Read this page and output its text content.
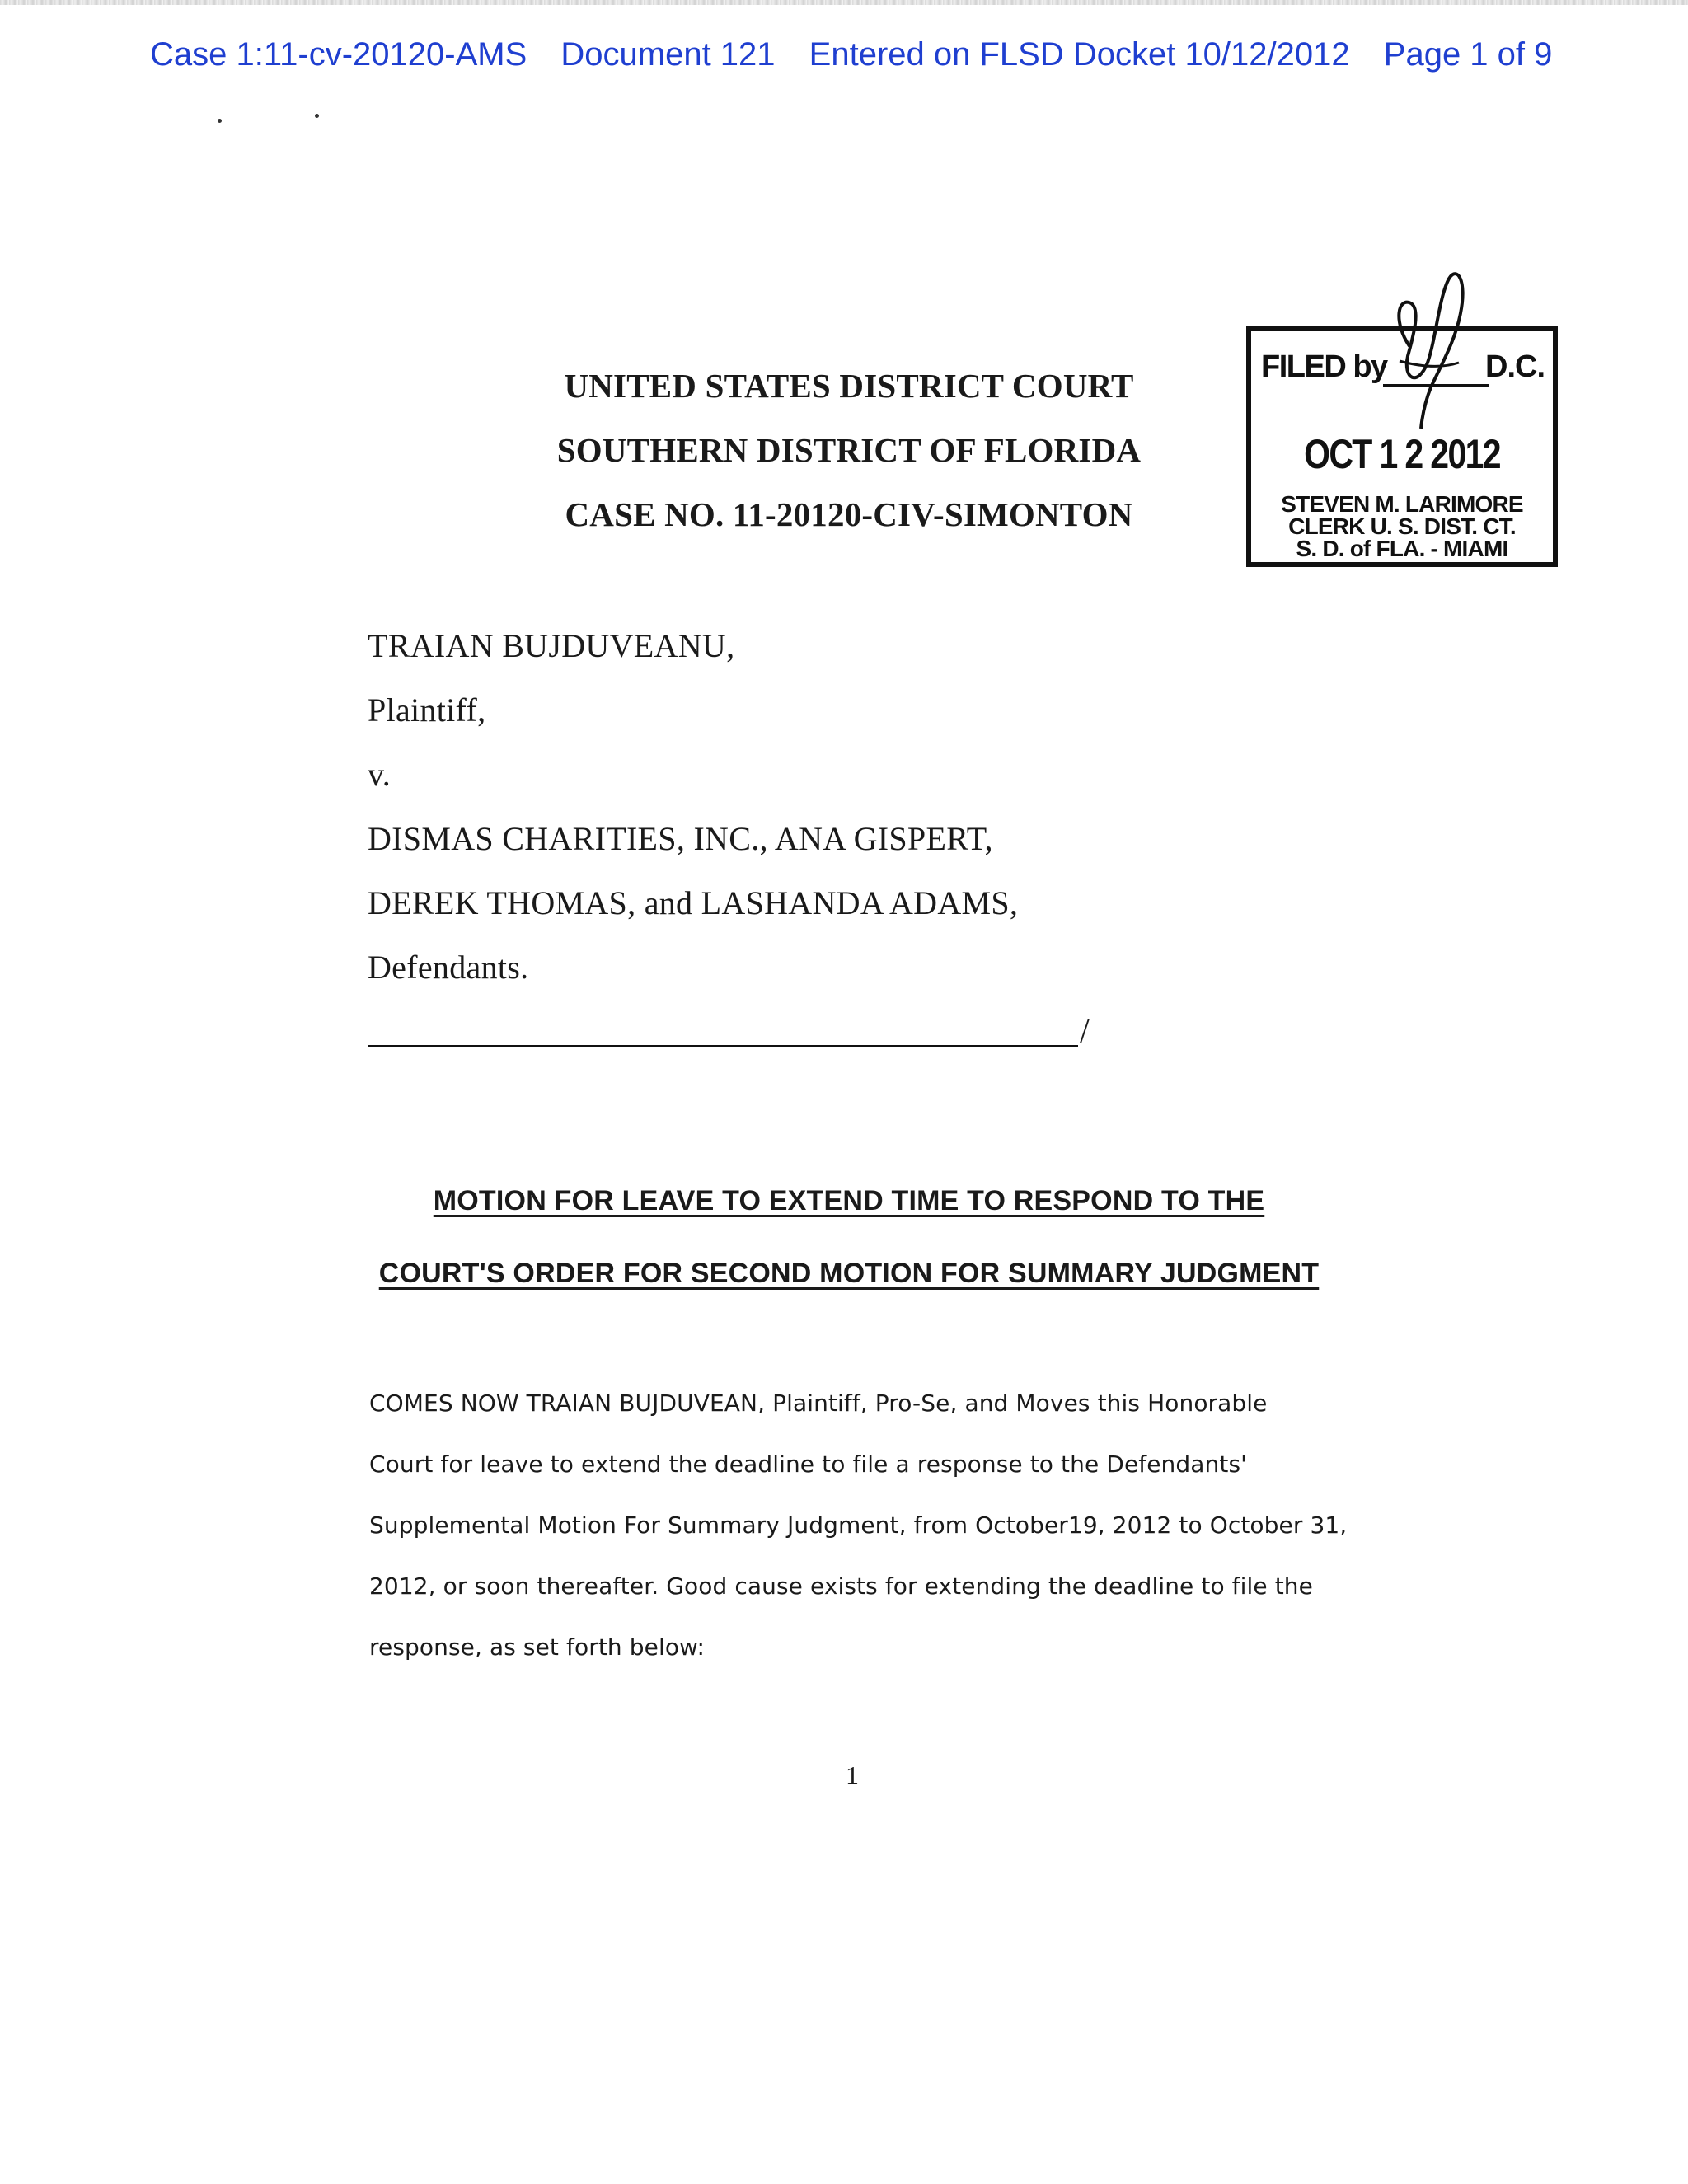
Case 1:11-cv-20120-AMS Document 121 Entered on FLSD Docket 10/12/2012 Page 1 of 9
UNITED STATES DISTRICT COURT
SOUTHERN DISTRICT OF FLORIDA
CASE NO. 11-20120-CIV-SIMONTON
FILED by	D.C.
OCT 1 2 2012
STEVEN M. LARIMORE
CLERK U. S. DIST. CT.
S. D. of FLA. - MIAMI
TRAIAN BUJDUVEANU,
Plaintiff,
v.
DISMAS CHARITIES, INC., ANA GISPERT,
DEREK THOMAS, and LASHANDA ADAMS,
Defendants.
/
MOTION FOR LEAVE TO EXTEND TIME TO RESPOND TO THE
COURT'S ORDER FOR SECOND MOTION FOR SUMMARY JUDGMENT
COMES NOW TRAIAN BUJDUVEAN, Plaintiff, Pro-Se, and Moves this Honorable
Court for leave to extend the deadline to file a response to the Defendants'
Supplemental Motion For Summary Judgment, from October19, 2012 to October 31,
2012, or soon thereafter. Good cause exists for extending the deadline to file the
response, as set forth below:
1
